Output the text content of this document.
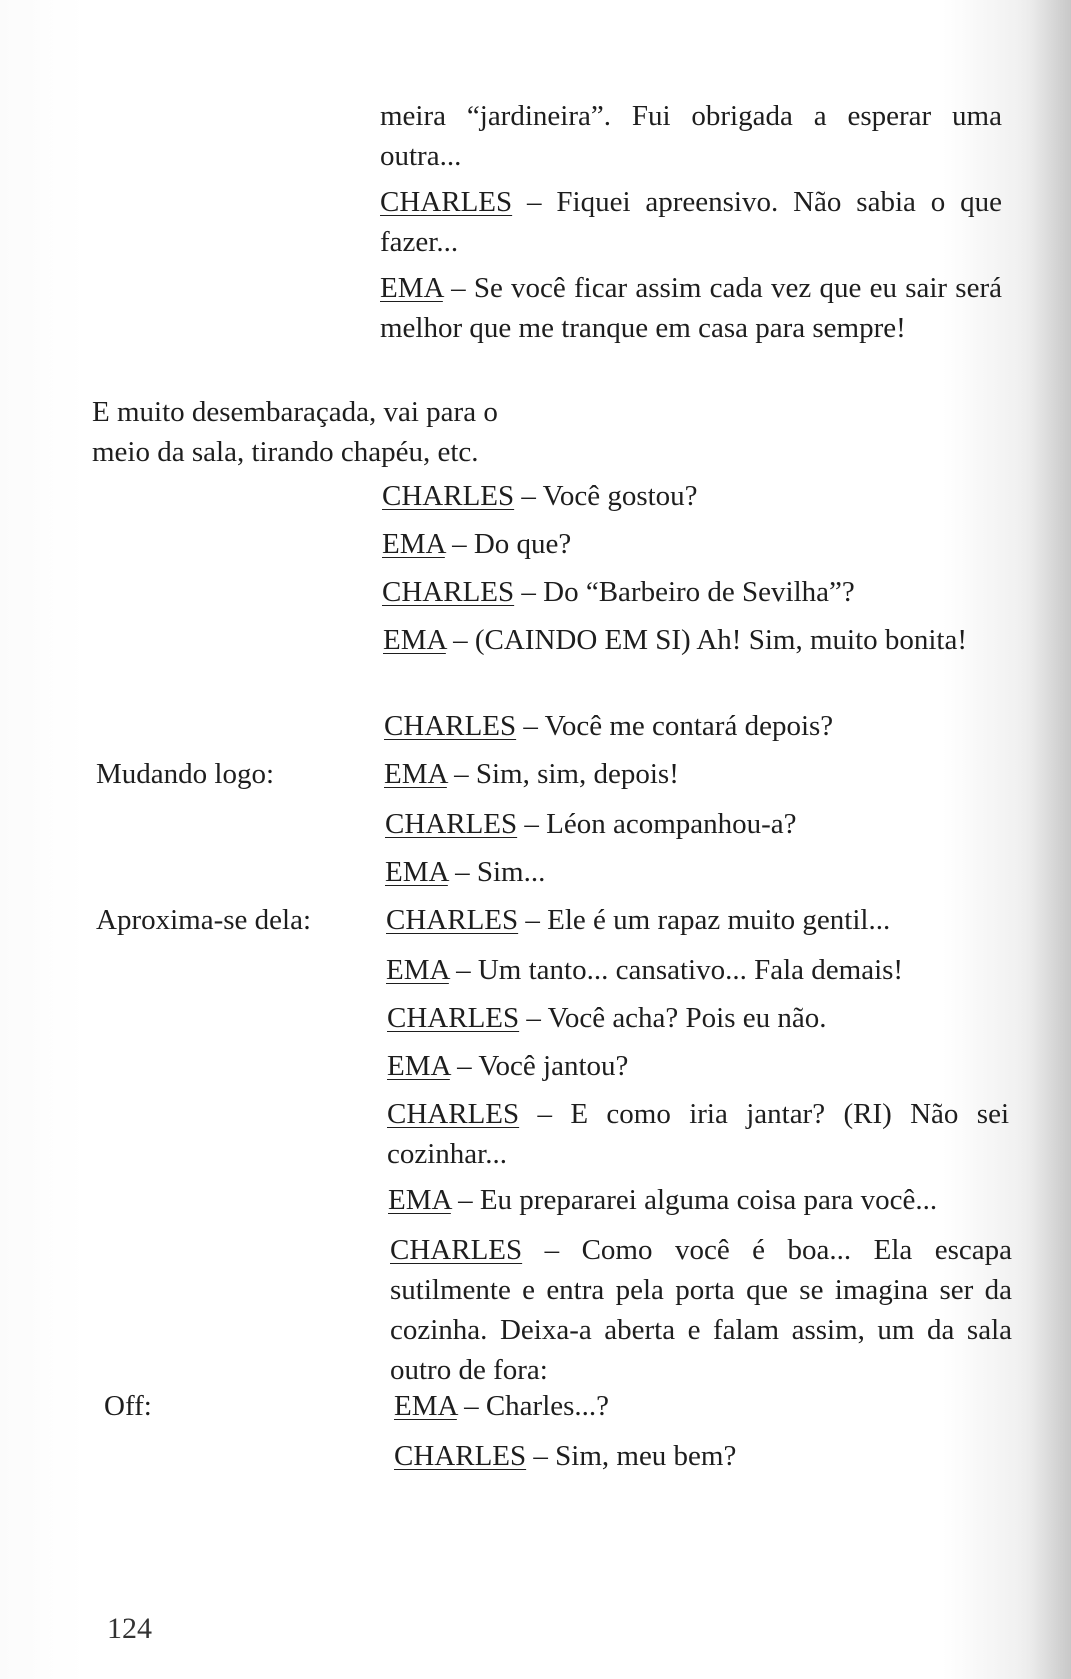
meira “jardineira”. Fui obrigada a esperar uma outra...
CHARLES – Fiquei apreensivo. Não sabia o que fazer...
EMA – Se você ficar assim cada vez que eu sair será melhor que me tranque em casa para sempre!
E muito desembaraçada, vai para o meio da sala, tirando chapéu, etc.
CHARLES – Você gostou?
EMA – Do que?
CHARLES – Do “Barbeiro de Sevilha”?
EMA – (CAINDO EM SI) Ah! Sim, muito bonita!
CHARLES – Você me contará depois?
Mudando logo:	EMA – Sim, sim, depois!
CHARLES – Léon acompanhou-a?
EMA – Sim...
Aproxima-se dela:	CHARLES – Ele é um rapaz muito gentil...
EMA – Um tanto... cansativo... Fala demais!
CHARLES – Você acha? Pois eu não.
EMA – Você jantou?
CHARLES – E como iria jantar? (RI) Não sei cozinhar...
EMA – Eu prepararei alguma coisa para você...
CHARLES – Como você é boa... Ela escapa sutilmente e entra pela porta que se imagina ser da cozinha. Deixa-a aberta e falam assim, um da sala outro de fora:
Off:	EMA – Charles...?
CHARLES – Sim, meu bem?
124
